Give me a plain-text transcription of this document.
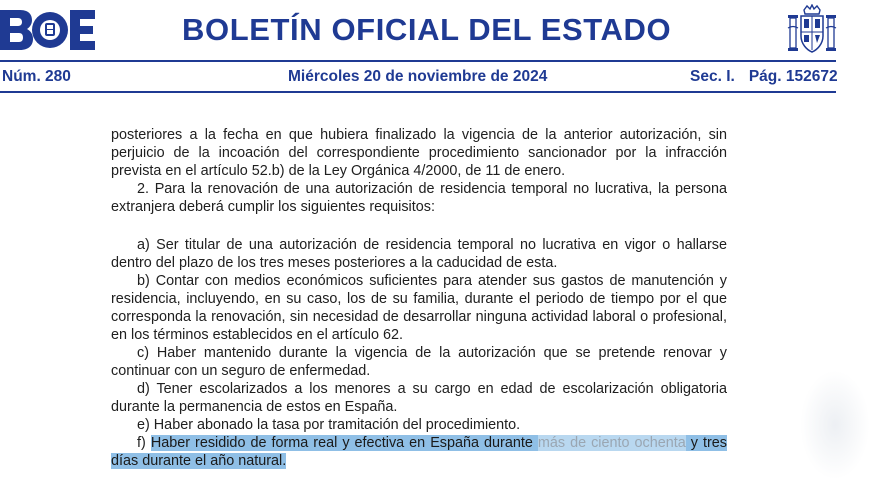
BOLETÍN OFICIAL DEL ESTADO
Núm. 280	Miércoles 20 de noviembre de 2024	Sec. I. Pág. 152672

posteriores a la fecha en que hubiera finalizado la vigencia de la anterior autorización, sin perjuicio de la incoación del correspondiente procedimiento sancionador por la infracción prevista en el artículo 52.b) de la Ley Orgánica 4/2000, de 11 de enero.

2. Para la renovación de una autorización de residencia temporal no lucrativa, la persona extranjera deberá cumplir los siguientes requisitos:

a) Ser titular de una autorización de residencia temporal no lucrativa en vigor o hallarse dentro del plazo de los tres meses posteriores a la caducidad de esta.

b) Contar con medios económicos suficientes para atender sus gastos de manutención y residencia, incluyendo, en su caso, los de su familia, durante el periodo de tiempo por el que corresponda la renovación, sin necesidad de desarrollar ninguna actividad laboral o profesional, en los términos establecidos en el artículo 62.

c) Haber mantenido durante la vigencia de la autorización que se pretende renovar y continuar con un seguro de enfermedad.

d) Tener escolarizados a los menores a su cargo en edad de escolarización obligatoria durante la permanencia de estos en España.

e) Haber abonado la tasa por tramitación del procedimiento.

f) Haber residido de forma real y efectiva en España durante más de ciento ochenta y tres días durante el año natural.
